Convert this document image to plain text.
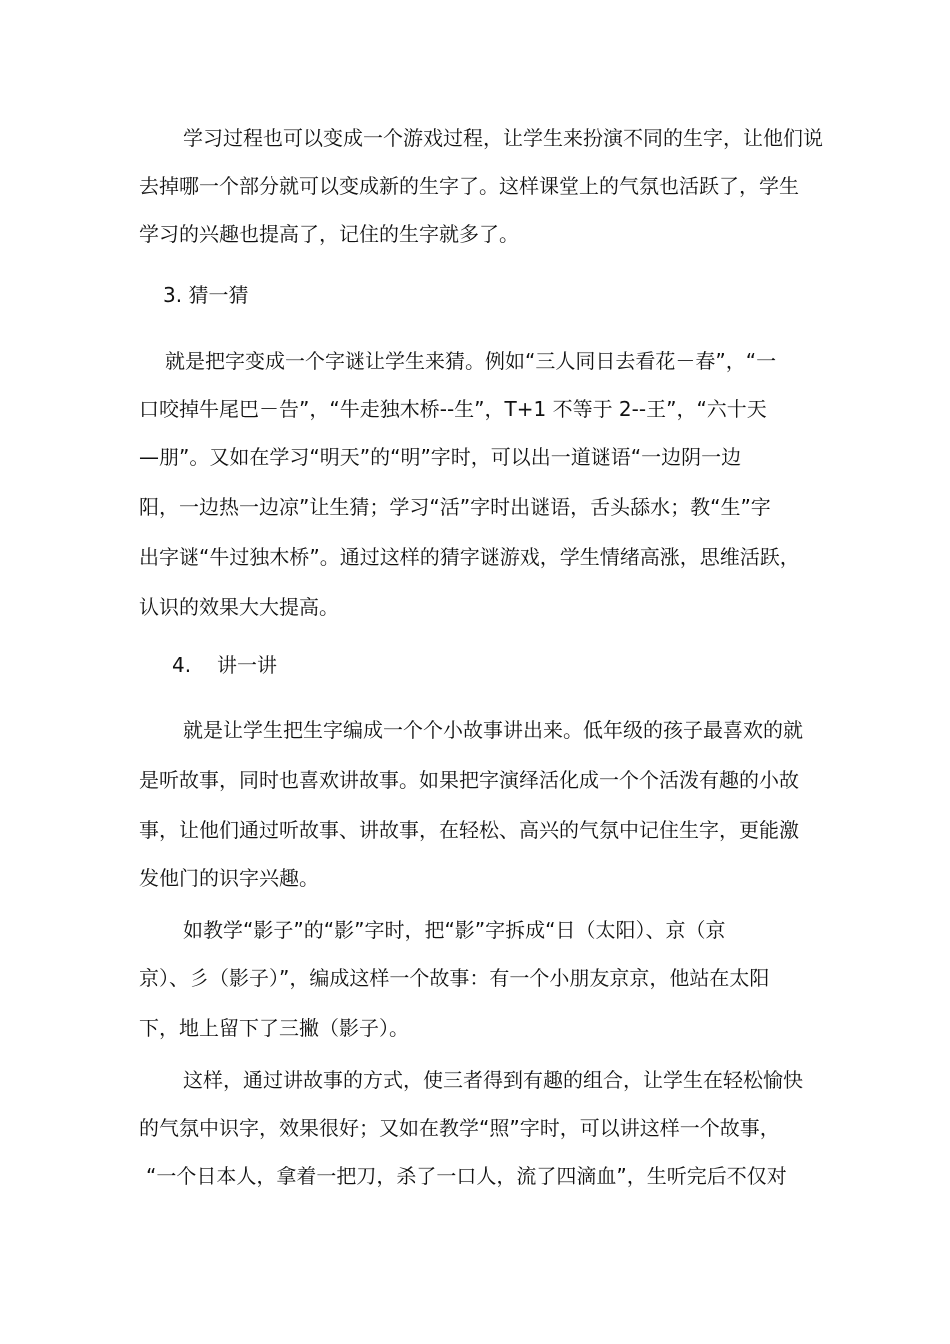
学习过程也可以变成一个游戏过程，让学生来扮演不同的生字，让他们说
去掉哪一个部分就可以变成新的生字了。这样课堂上的气氛也活跃了，学生
学习的兴趣也提高了，记住的生字就多了。
3. 猜一猜
就是把字变成一个字谜让学生来猜。例如“三人同日去看花－春”，“一
口咬掉牛尾巴－告”，“牛走独木桥--生”，T+1 不等于 2--王”，“六十天
—朋”。又如在学习“明天”的“明”字时，可以出一道谜语“一边阴一边
阳，一边热一边凉”让生猜；学习“活”字时出谜语，舌头舔水；教“生”字
出字谜“牛过独木桥”。通过这样的猜字谜游戏，学生情绪高涨，思维活跃，
认识的效果大大提高。
4.	讲一讲
就是让学生把生字编成一个个小故事讲出来。低年级的孩子最喜欢的就
是听故事，同时也喜欢讲故事。如果把字演绎活化成一个个活泼有趣的小故
事，让他们通过听故事、讲故事，在轻松、高兴的气氛中记住生字，更能激
发他门的识字兴趣。
如教学“影子”的“影”字时，把“影”字拆成“日（太阳）、京（京
京）、彡（影子）”，编成这样一个故事：有一个小朋友京京，他站在太阳
下，地上留下了三撇（影子）。
这样，通过讲故事的方式，使三者得到有趣的组合，让学生在轻松愉快
的气氛中识字，效果很好；又如在教学“照”字时，可以讲这样一个故事，
“一个日本人，拿着一把刀，杀了一口人，流了四滴血”，生听完后不仅对
